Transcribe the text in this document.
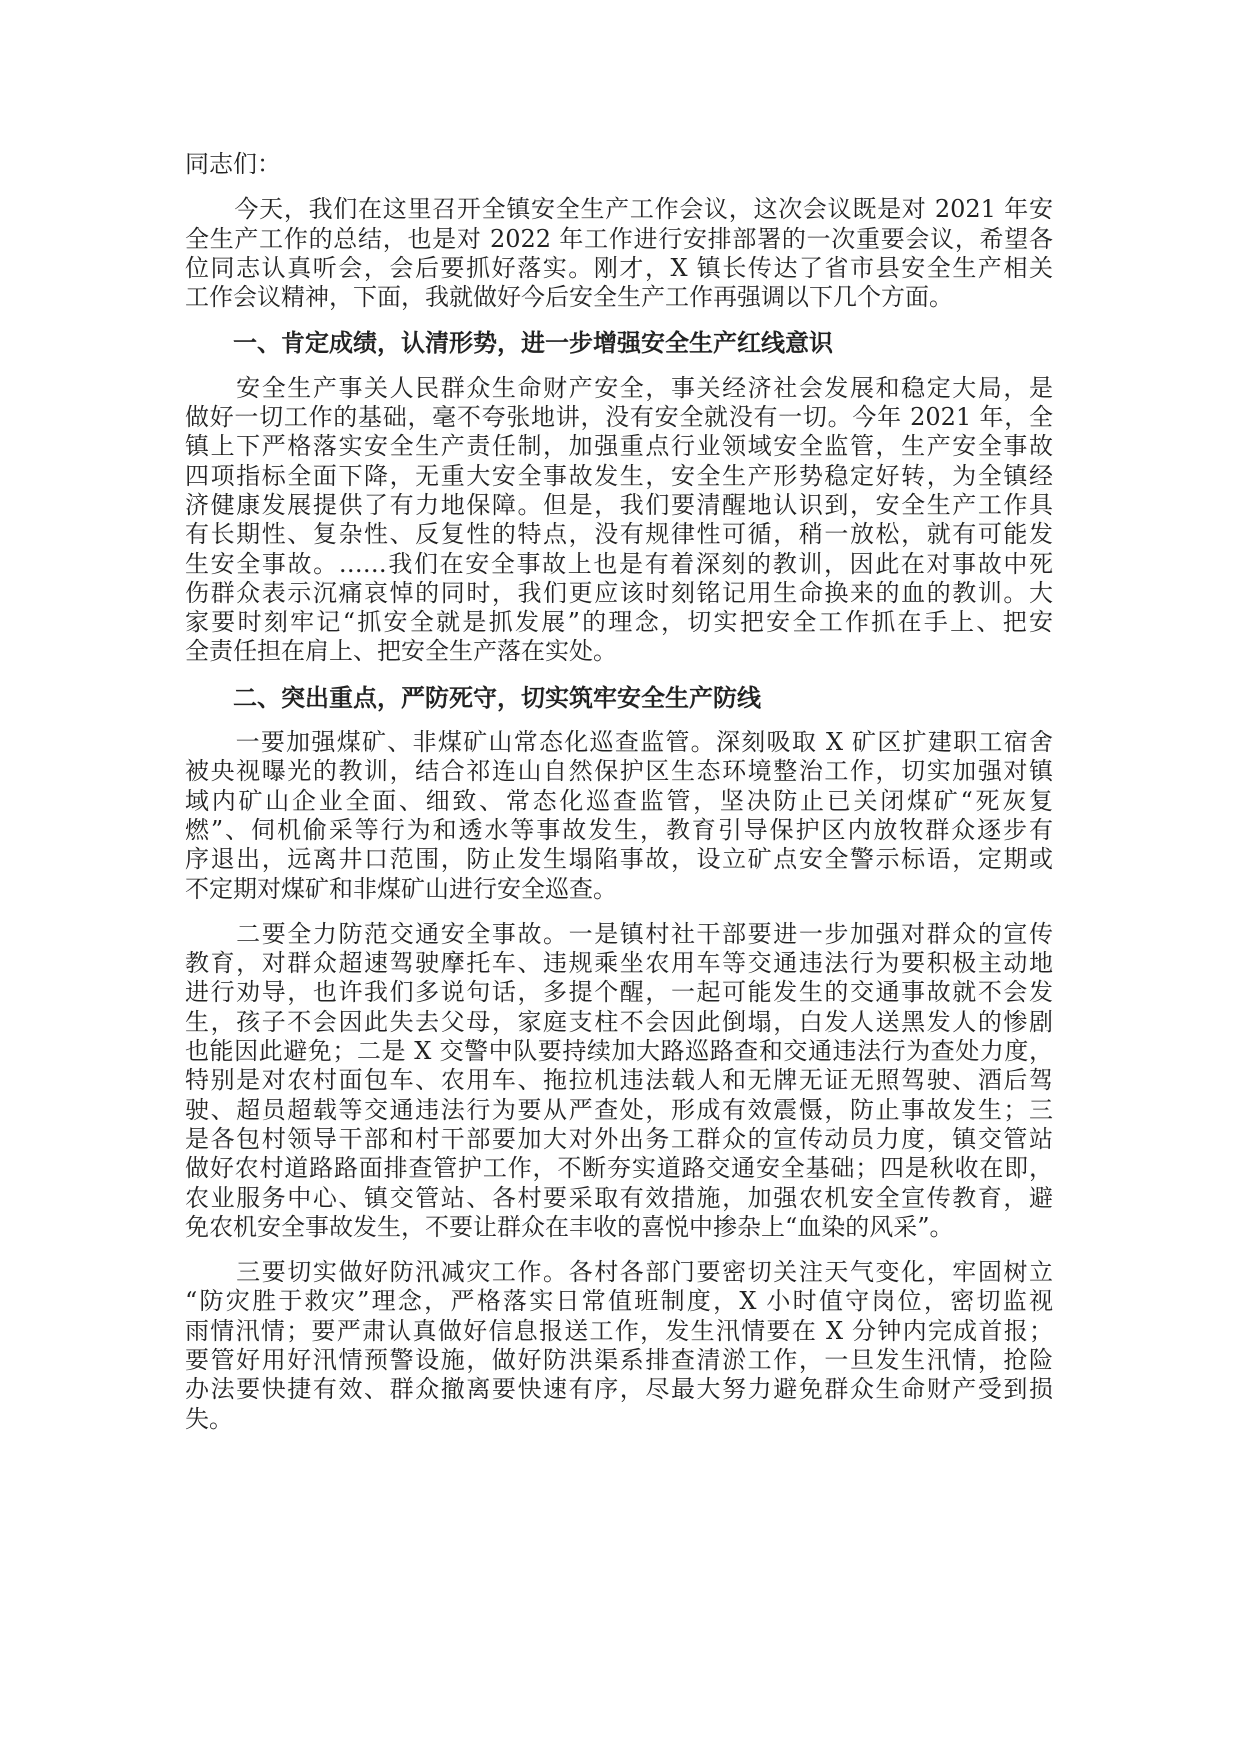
同志们：
　　今天，我们在这里召开全镇安全生产工作会议，这次会议既是对 2021 年安
全生产工作的总结，也是对 2022 年工作进行安排部署的一次重要会议，希望各
位同志认真听会，会后要抓好落实。刚才，X 镇长传达了省市县安全生产相关
工作会议精神，下面，我就做好今后安全生产工作再强调以下几个方面。
一、肯定成绩，认清形势，进一步增强安全生产红线意识
　　安全生产事关人民群众生命财产安全，事关经济社会发展和稳定大局，是
做好一切工作的基础，毫不夸张地讲，没有安全就没有一切。今年 2021 年，全
镇上下严格落实安全生产责任制，加强重点行业领域安全监管，生产安全事故
四项指标全面下降，无重大安全事故发生，安全生产形势稳定好转，为全镇经
济健康发展提供了有力地保障。但是，我们要清醒地认识到，安全生产工作具
有长期性、复杂性、反复性的特点，没有规律性可循，稍一放松，就有可能发
生安全事故。……我们在安全事故上也是有着深刻的教训，因此在对事故中死
伤群众表示沉痛哀悼的同时，我们更应该时刻铭记用生命换来的血的教训。大
家要时刻牢记“抓安全就是抓发展”的理念，切实把安全工作抓在手上、把安
全责任担在肩上、把安全生产落在实处。
二、突出重点，严防死守，切实筑牢安全生产防线
　　一要加强煤矿、非煤矿山常态化巡查监管。深刻吸取 X 矿区扩建职工宿舍
被央视曝光的教训，结合祁连山自然保护区生态环境整治工作，切实加强对镇
域内矿山企业全面、细致、常态化巡查监管，坚决防止已关闭煤矿“死灰复
燃”、伺机偷采等行为和透水等事故发生，教育引导保护区内放牧群众逐步有
序退出，远离井口范围，防止发生塌陷事故，设立矿点安全警示标语，定期或
不定期对煤矿和非煤矿山进行安全巡查。
　　二要全力防范交通安全事故。一是镇村社干部要进一步加强对群众的宣传
教育，对群众超速驾驶摩托车、违规乘坐农用车等交通违法行为要积极主动地
进行劝导，也许我们多说句话，多提个醒，一起可能发生的交通事故就不会发
生，孩子不会因此失去父母，家庭支柱不会因此倒塌，白发人送黑发人的惨剧
也能因此避免；二是 X 交警中队要持续加大路巡路查和交通违法行为查处力度，
特别是对农村面包车、农用车、拖拉机违法载人和无牌无证无照驾驶、酒后驾
驶、超员超载等交通违法行为要从严查处，形成有效震慑，防止事故发生；三
是各包村领导干部和村干部要加大对外出务工群众的宣传动员力度，镇交管站
做好农村道路路面排查管护工作，不断夯实道路交通安全基础；四是秋收在即，
农业服务中心、镇交管站、各村要采取有效措施，加强农机安全宣传教育，避
免农机安全事故发生，不要让群众在丰收的喜悦中掺杂上“血染的风采”。
　　三要切实做好防汛减灾工作。各村各部门要密切关注天气变化，牢固树立
“防灾胜于救灾”理念，严格落实日常值班制度，X 小时值守岗位，密切监视
雨情汛情；要严肃认真做好信息报送工作，发生汛情要在 X 分钟内完成首报；
要管好用好汛情预警设施，做好防洪渠系排查清淤工作，一旦发生汛情，抢险
办法要快捷有效、群众撤离要快速有序，尽最大努力避免群众生命财产受到损
失。
